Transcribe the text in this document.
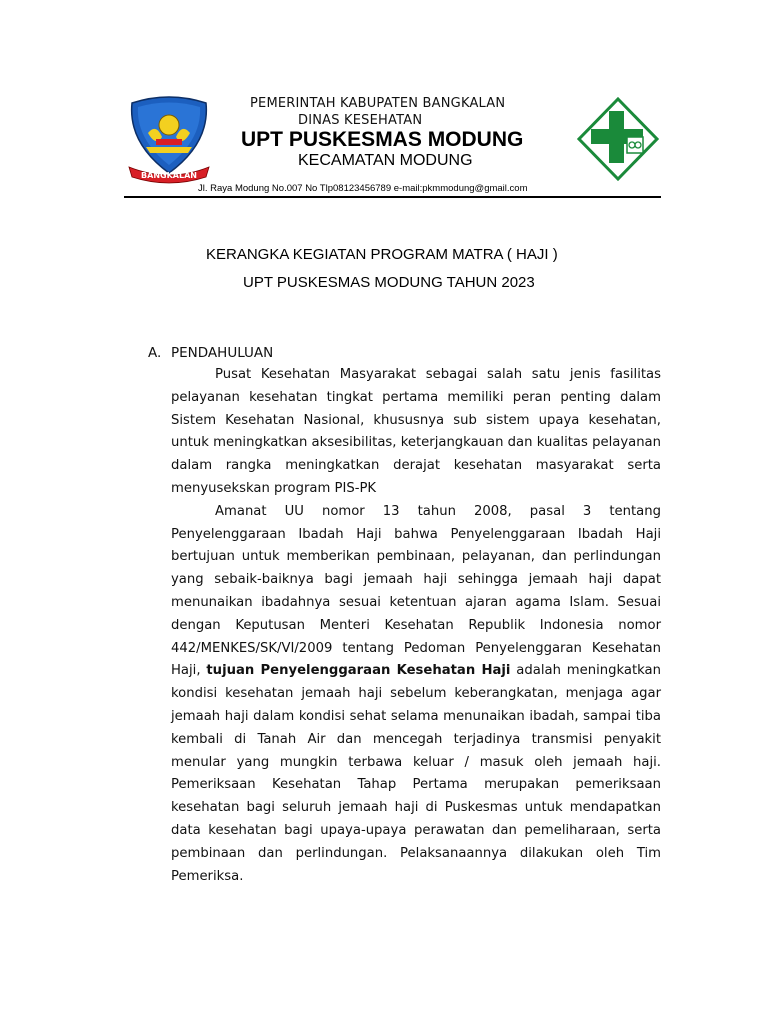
BANGKALAN
PEMERINTAH KABUPATEN BANGKALAN
DINAS KESEHATAN
UPT PUSKESMAS MODUNG
KECAMATAN MODUNG
Jl. Raya Modung No.007 No Tlp08123456789 e-mail:pkmmodung@gmail.com
KERANGKA KEGIATAN PROGRAM MATRA ( HAJI )
UPT PUSKESMAS MODUNG TAHUN 2023
A. PENDAHULUAN

Pusat Kesehatan Masyarakat sebagai salah satu jenis fasilitas pelayanan kesehatan tingkat pertama memiliki peran penting dalam Sistem Kesehatan Nasional, khususnya sub sistem upaya kesehatan, untuk meningkatkan aksesibilitas, keterjangkauan dan kualitas pelayanan dalam rangka meningkatkan derajat kesehatan masyarakat serta menyusekskan program PIS-PK

Amanat UU nomor 13 tahun 2008, pasal 3 tentang Penyelenggaraan Ibadah Haji bahwa Penyelenggaraan Ibadah Haji bertujuan untuk memberikan pembinaan, pelayanan, dan perlindungan yang sebaik-baiknya bagi jemaah haji sehingga jemaah haji dapat menunaikan ibadahnya sesuai ketentuan ajaran agama Islam. Sesuai dengan Keputusan Menteri Kesehatan Republik Indonesia nomor 442/MENKES/SK/VI/2009 tentang Pedoman Penyelenggaran Kesehatan Haji, tujuan Penyelenggaraan Kesehatan Haji adalah meningkatkan kondisi kesehatan jemaah haji sebelum keberangkatan, menjaga agar jemaah haji dalam kondisi sehat selama menunaikan ibadah, sampai tiba kembali di Tanah Air dan mencegah terjadinya transmisi penyakit menular yang mungkin terbawa keluar / masuk oleh jemaah haji. Pemeriksaan Kesehatan Tahap Pertama merupakan pemeriksaan kesehatan bagi seluruh jemaah haji di Puskesmas untuk mendapatkan data kesehatan bagi upaya-upaya perawatan dan pemeliharaan, serta pembinaan dan perlindungan. Pelaksanaannya dilakukan oleh Tim Pemeriksa.
